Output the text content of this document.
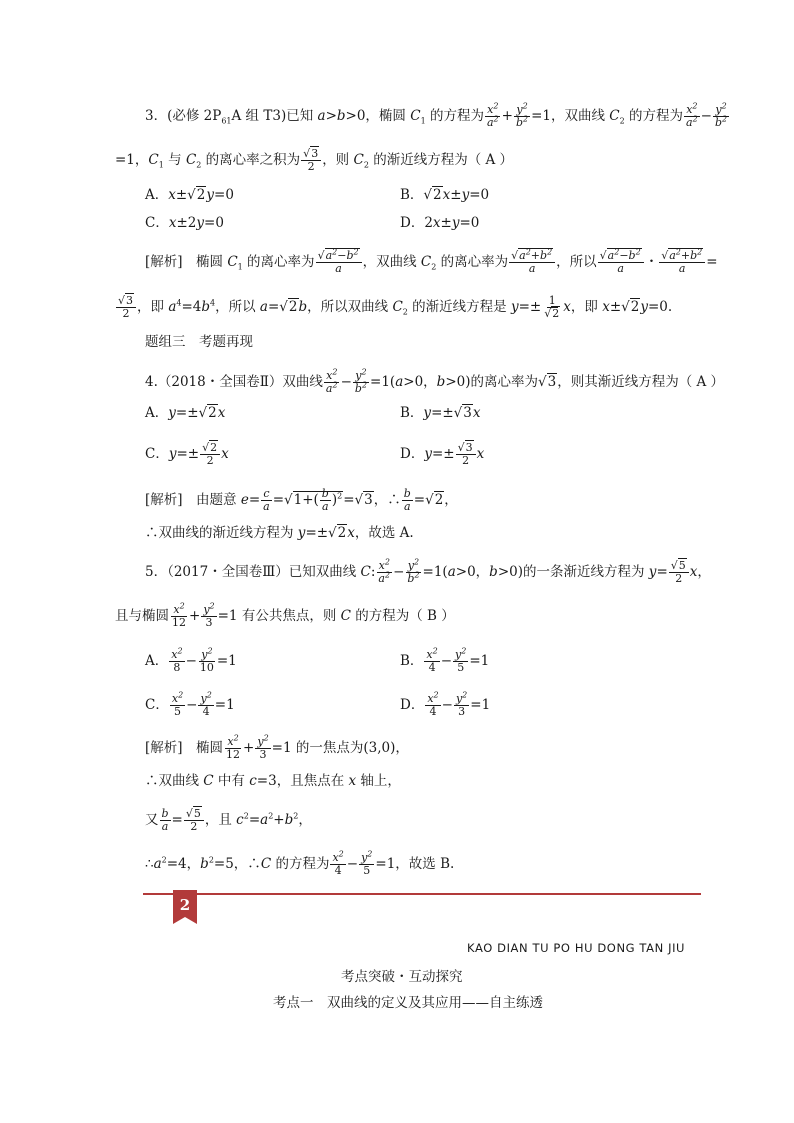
3．(必修 $2P_{61}A$ 组 T3)已知 a>b>0，椭圆 $C_1$ 的方程为 $\frac{x^2}{a^2} + \frac{y^2}{b^2} =1$，双曲线 $C_2$ 的方程为 $\frac{x^2}{a^2} - \frac{y^2}{b^2}$
=1，$C_1$ 与 $C_2$ 的离心率之积为 $\frac{√3}{2}$ ，则 $C_2$ 的渐近线方程为（ A ）
A．x±√2y=0	B．√2x±y=0
C．x±2y=0	D．2x±y=0
[解析]　椭圆 $C_1$ 的离心率为 $\frac{√a^2-b^2}{a}$ ，双曲线 $C_2$ 的离心率为 $\frac{√a^2+b^2}{a}$ ，所以 $\frac{√a^2-b^2}{a}$ ・ $\frac{√a^2+b^2}{a}$ =
$\frac{√3}{2}$ ，即 $a^4=4b^4$，所以 a=√2b，所以双曲线 $C_2$ 的渐近线方程是 $y=\pm \frac{1}{√2}$ x，即 x±√2y=0.
题组三　考题再现
4.（2018・全国卷Ⅱ）双曲线 $\frac{x^2}{a^2} - \frac{y^2}{b^2} =1(a>0$，b>0)的离心率为√3，则其渐近线方程为（ A ）
A．y=±√2x	B．y=±√3x
C．$y=\pm \frac{√2}{2}$ x	D．$y=\pm \frac{√3}{2}$ x
[解析]　由题意 $e= \frac{c}{a} =√1+( \frac{b}{a} )^2=√3$，∴ $\frac{b}{a} =√2$，
∴双曲线的渐近线方程为 y=±√2x，故选 A.
5．（2017・全国卷Ⅲ）已知双曲线 C: $\frac{x^2}{a^2} - \frac{y^2}{b^2} =1(a>0$，b>0)的一条渐近线方程为 $y= \frac{√5}{2}$ x，
且与椭圆 $\frac{x^2}{12} + \frac{y^2}{3} =1$ 有公共焦点，则 C 的方程为（ B ）
A． $\frac{x^2}{8} - \frac{y^2}{10} =1$	B． $\frac{x^2}{4} - \frac{y^2}{5} =1$
C． $\frac{x^2}{5} - \frac{y^2}{4} =1$	D． $\frac{x^2}{4} - \frac{y^2}{3} =1$
[解析]　椭圆 $\frac{x^2}{12} + \frac{y^2}{3} =1$ 的一焦点为(3,0)，
∴双曲线 C 中有 c=3，且焦点在 x 轴上，
又 $\frac{b}{a} = \frac{√5}{2}$ ，且 $c^2=a^2+b^2$，
$\therefore a^2=4$，$b^2=5$，∴C 的方程为 $\frac{x^2}{4} - \frac{y^2}{5} =1$，故选 B.
2
KAO DIAN TU PO HU DONG TAN JIU
考点突破・互动探究
考点一　双曲线的定义及其应用——自主练透
